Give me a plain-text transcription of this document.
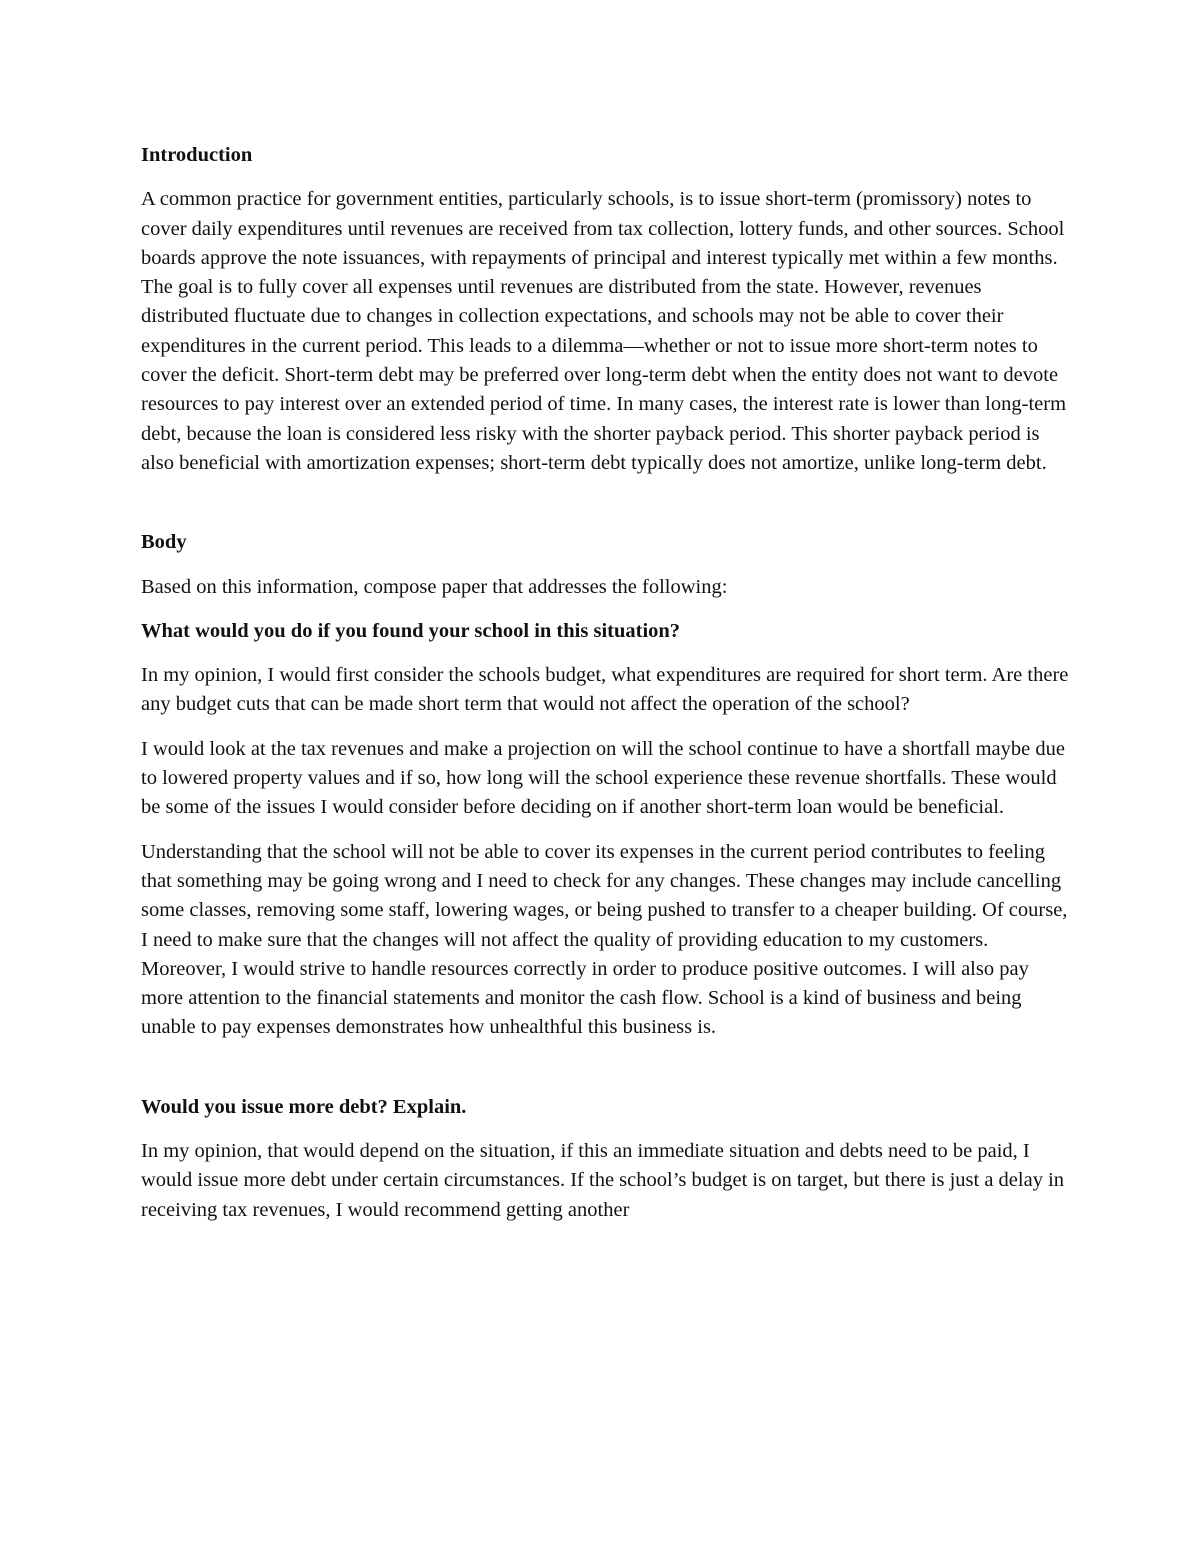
Introduction

A common practice for government entities, particularly schools, is to issue short-term (promissory) notes to cover daily expenditures until revenues are received from tax collection, lottery funds, and other sources. School boards approve the note issuances, with repayments of principal and interest typically met within a few months. The goal is to fully cover all expenses until revenues are distributed from the state. However, revenues distributed fluctuate due to changes in collection expectations, and schools may not be able to cover their expenditures in the current period. This leads to a dilemma—whether or not to issue more short-term notes to cover the deficit. Short-term debt may be preferred over long-term debt when the entity does not want to devote resources to pay interest over an extended period of time. In many cases, the interest rate is lower than long-term debt, because the loan is considered less risky with the shorter payback period. This shorter payback period is also beneficial with amortization expenses; short-term debt typically does not amortize, unlike long-term debt.

Body

Based on this information, compose paper that addresses the following:

What would you do if you found your school in this situation?

In my opinion, I would first consider the schools budget, what expenditures are required for short term. Are there any budget cuts that can be made short term that would not affect the operation of the school?

I would look at the tax revenues and make a projection on will the school continue to have a shortfall maybe due to lowered property values and if so, how long will the school experience these revenue shortfalls. These would be some of the issues I would consider before deciding on if another short-term loan would be beneficial.

Understanding that the school will not be able to cover its expenses in the current period contributes to feeling that something may be going wrong and I need to check for any changes. These changes may include cancelling some classes, removing some staff, lowering wages, or being pushed to transfer to a cheaper building. Of course, I need to make sure that the changes will not affect the quality of providing education to my customers. Moreover, I would strive to handle resources correctly in order to produce positive outcomes. I will also pay more attention to the financial statements and monitor the cash flow. School is a kind of business and being unable to pay expenses demonstrates how unhealthful this business is.

Would you issue more debt? Explain.

In my opinion, that would depend on the situation, if this an immediate situation and debts need to be paid, I would issue more debt under certain circumstances. If the school’s budget is on target, but there is just a delay in receiving tax revenues, I would recommend getting another
